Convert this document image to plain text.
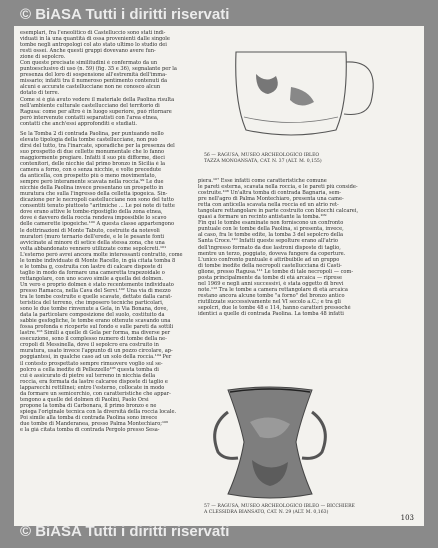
© BiASA Tutti i diritti riservati
esemplari, fra l'eneolitico di Castelluccio sono stati indi-
viduati in là una quantità di ossa provenienti dalle singole
tombe negli antropologi col ato stato ultimo lo studio dei
resti ossei. Anche questi gruppi dovevano avere fun-
zione di sepolcro.
Con queste precisate similitudini è confermato da un
puntoesclusivo di uso (n. 59) (fig. 35 e 36), segnalante per la
presenza del loro di sospensione all'estremità dell'imma-
missario; infatti tra il numeroso pentimento contenuti da
alcuni e accurate castellucciane non ne conosco alcun
dotato di terre.
Come si è già avuto vedere il materiale della Paolina risulta
nell'ambiente culturale castellucciano del territorio di
Ragusa: come per altro è in luogo superiore, può ritornare
però intervenute contatti separatisti con l'area etnea,
contatti che anch'essi approfonditi e studiati.
Se la Tomba 2 di contrada Paolina, per puntuando nello
elevato tipologia della tombe castellucciane, non può
dirsi del tutto, tra l'inarcate, sporadiche per la presenza del
suo prospetto di due cellette monumentale che lo fanno
maggiormente pregiare. Infatti il suo più difforme, dieci
contenitori, delle nicchie dal primo bronzo in Sicilia è la
camera a forno, con o senza nicchie, e volte precedute
da anticella, con prospetto più o meno movimentato,
sempre però interamente scavata nella roccia.⁹⁹ Le due
nicchie della Paolina invece presentano un prospetto in
muratura che sulla l'ingresso della celletta ipogeica. Sin-
dicazione per le necropoli castellucciane non sono del tutto
consentiti tenuto piuttosto "aritmiche ... Le poi note di tutte
dove erano attive le tombe-ripostiglio della zona etnea,
dove è davvero della roccia rendeva impossibile lo scavo
delle camerette ipogeiche.¹⁰⁰ A questa classe appartengono
le dottrinazioni di Monte Tabuto, costruite da notevoli
muratori (muro ternario dell'erede, e le le pesante fonti
avvicinate al minore di setice della stessa zona, che una
volta abbandonato vennero utilizzate come sepolcreti.¹⁰¹
L'esterno però avrei ancora molte interessanti contrattò, come
le tombe individuate di Monte Racello, in già citata tomba 8
e le tomba g, costruita con lastre di calcare disposte di
taglio in modo da formare una cameretta trapezoidale o
rettangolare, con uno scavo simile a quella dei dolmen.
Un vero e proprio dolmen è stato recentemente individuato
presso Ramacca, nella Cava del Servi.¹⁰² Una via di mezzo
tra le tombe costruite e quelle scavate, dettate dalla carat-
teristica del terreno, che imposero tecniche particolari,
sono le due tombe rinvenute a Gela, in Via Bonana, dove,
data la particolare composizione del suolo, costituito da
sabbie gesfogliche, le tombe erano ottenute scavando una
fossa profonda e ricoperte sul fondo e sulle pareti da sottili
lastre.¹⁰³ Simili a quelle di Gela per forma, ma diverse per
esecuzione, sono il complesso numero di tombe della ne-
cropoli di Messinella, dove il sepolcro era costruito in
muratura, usato invece l'appunto di un pozzo circolare, ap-
poggiantesi, in qualche caso ad un solo della roccia.¹⁰⁴ Per
il contesto prospettato sempre rimuovere voglio sul se-
polcro a cella inedite di Pellezzello¹⁰⁵ questa tomba di
cui è assicurato di pietre sul terreno in nicchia della
roccia, era formata da lastre calcaree disposte di taglio e
lapparecchi rettilinei; entro l'esterno, collocate in modo
da formare un semicerchio, con caratteristiche che appar-
tengono a quelle del dolmen di Paolini, Paolo Orsi
propone la tomba di Carbonara, il primo bronzo e ne
spiega l'originale tecnica con la diversità della roccia locale.
Poi simile alla tomba di contrada Paolina sono invece
due tombe di Manderanea, presso Palma Montechiaro;¹⁰⁶
e la già citata tomba di contrada Pergolo presso Sesa-
56 — RAGUSA, MUSEO ARCHEOLOGICO IBLEO
TAZZA MONOANSATA, CAT. N. 37 (ALT. M. 0,155)
piera.¹⁰⁷ Esse infatti come caratteristiche comune
le pareti esterna, scavata nella roccia, e le pareti più conside-
costruite.¹⁰⁸ Un'altra tomba di contrada Bagnaria, sem-
pre nell'agro di Palma Montechiaro, presenta una came-
retta con anticella scavata nella roccia ed un atrio ret-
tangolare rettangolare in parte costruito con blocchi calcarei,
quasi a formare un recinto antistante la tomba.¹⁰⁹
Fin qui le tombe esaminate non forniscono un confronto
puntuale con le tombe della Paolina, si presenta, invece,
al caso, fra le tombe edite, la tomba 3 del sepolcro della
Santa Croce.¹¹⁰ Infatti queste sepolture erano all'atrio
dell'ingresso formato da due lastroni disposte di taglio,
mentre un terzo, poggiato, doveva fungere da coperture.
L'unico confronto puntuale è attribuibile ad un gruppo
di tombe inedite della necropoli castellucciana di Casti-
glione, presso Ragusa.¹¹¹ Le tombe di tale necropoli — com-
posta principalmente da tombe di età arcaica — riprese
nel 1969 e negli anni successivi, è stata oggetto di brevi
note.¹¹² Tra le tombe a camera rettangolare di età arcaica
restano ancora alcune tombe "a forno" del bronzo antico
riutilizzate successivamente nel VI secolo a.C.; e tra gli
sepolcri, due le tombe 48 e 114, hanno caratteri pressoché
identici a quelle di contrada Paolina. La tomba 48 infatti
57 — RAGUSA, MUSEO ARCHEOLOGICO IBLEO — BICCHIERE
A CLESSIDRA BIANSATO, CAT. N. 29 (ALT. M. 0,163)
103
© BiASA Tutti i diritti riservati
